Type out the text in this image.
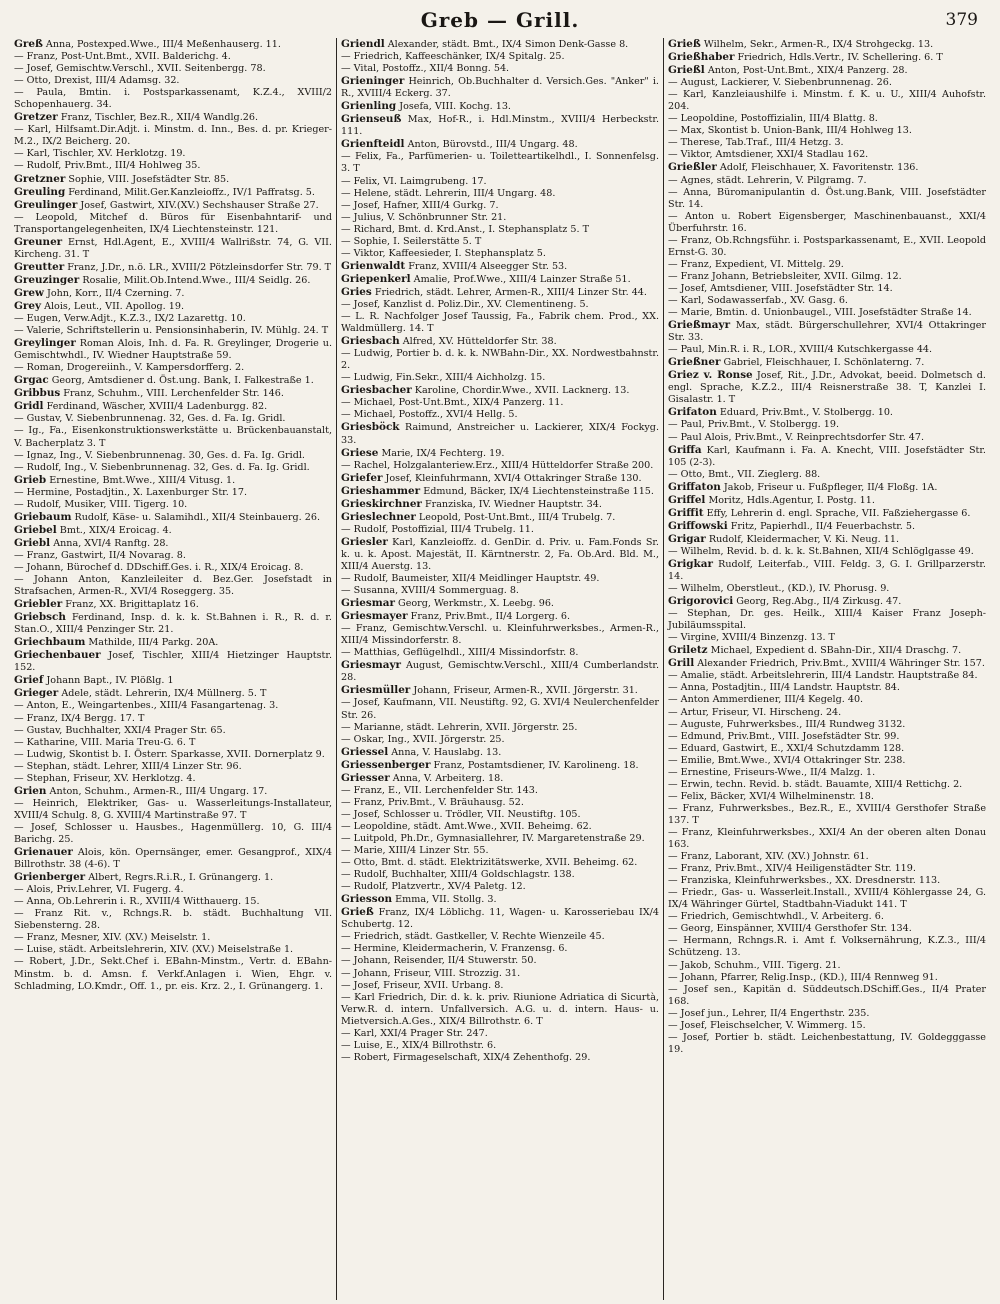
Greb — Grill.	379
Greß Anna, Postexped.Wwe., III/4 Meßenhauserg. 11.
— Franz, Post-Unt.Bmt., XVII. Balderichg. 4.
— Josef, Gemischtw.Verschl., XVII. Seitenbergg. 78.
— Otto, Drexist, III/4 Adamsg. 32.
— Paula, Bmtin. i. Postsparkassenamt, K.Z.4., XVIII/2 Schopenhauerg. 34.
Gretzer Franz, Tischler, Bez.R., XII/4 Wandlg.26.
— Karl, Hilfsamt.Dir.Adjt. i. Minstm. d. Inn., Bes. d. pr. Krieger-M.2., IX/2 Beicherg. 20.
— Karl, Tischler, XV. Herklotzg. 19.
— Rudolf, Priv.Bmt., III/4 Hohlweg 35.
Gretzner Sophie, VIII. Josefstädter Str. 85.
Greuling Ferdinand, Milit.Ger.Kanzleioffz., IV/1 Paffratsg. 5.
Greulinger Josef, Gastwirt, XIV.(XV.) Sechshauser Straße 27.
— Leopold, Mitchef d. Büros für Eisenbahntarif- und Transportangelegenheiten, IX/4 Liechtensteinstr. 121.
Greuner Ernst, Hdl.Agent, E., XVIII/4 Wallrißstr. 74, G. VII. Kircheng. 31. T
Greutter Franz, J.Dr., n.ö. LR., XVIII/2 Pötzleinsdorfer Str. 79. T
Greuzinger Rosalie, Milit.Ob.Intend.Wwe., III/4 Seidlg. 26.
Grew John, Korr., II/4 Czerning. 7.
Grey Alois, Leut., VII. Apollog. 19.
— Eugen, Verw.Adjt., K.Z.3., IX/2 Lazarettg. 10.
— Valerie, Schriftstellerin u. Pensionsinhaberin, IV. Mühlg. 24. T
Greylinger Roman Alois, Inh. d. Fa. R. Greylinger, Drogerie u. Gemischtwhdl., IV. Wiedner Hauptstraße 59.
— Roman, Drogereiinh., V. Kampersdorfferg. 2.
Grgac Georg, Amtsdiener d. Öst.ung. Bank, I. Falkestraße 1.
Gribbus Franz, Schuhm., VIII. Lerchenfelder Str. 146.
Gridl Ferdinand, Wäscher, XVIII/4 Ladenburgg. 82.
— Gustav, V. Siebenbrunnenag. 32, Ges. d. Fa. Ig. Gridl.
— Ig., Fa., Eisenkonstruktionswerkstätte u. Brückenbauanstalt, V. Bacherplatz 3. T
— Ignaz, Ing., V. Siebenbrunnenag. 30, Ges. d. Fa. Ig. Gridl.
— Rudolf, Ing., V. Siebenbrunnenag. 32, Ges. d. Fa. Ig. Gridl.
Grieb Ernestine, Bmt.Wwe., XIII/4 Vitusg. 1.
— Hermine, Postadjtin., X. Laxenburger Str. 17.
— Rudolf, Musiker, VIII. Tigerg. 10.
Griebaum Rudolf, Käse- u. Salamihdl., XII/4 Steinbauerg. 26.
Griebel Bmt., XIX/4 Eroicag. 4.
Griebl Anna, XVI/4 Ranftg. 28.
— Franz, Gastwirt, II/4 Novarag. 8.
— Johann, Bürochef d. DDschiff.Ges. i. R., XIX/4 Eroicag. 8.
— Johann Anton, Kanzleileiter d. Bez.Ger. Josefstadt in Strafsachen, Armen-R., XVI/4 Roseggerg. 35.
Griebler Franz, XX. Brigittaplatz 16.
Griebsch Ferdinand, Insp. d. k. k. St.Bahnen i. R., R. d. r. Stan.O., XIII/4 Penzinger Str. 21.
Griechbaum Mathilde, III/4 Parkg. 20A.
Griechenbauer Josef, Tischler, XIII/4 Hietzinger Hauptstr. 152.
Grief Johann Bapt., IV. Plößlg. 1
Grieger Adele, städt. Lehrerin, IX/4 Müllnerg. 5. T
— Anton, E., Weingartenbes., XIII/4 Fasangartenag. 3.
— Franz, IX/4 Bergg. 17. T
— Gustav, Buchhalter, XXI/4 Prager Str. 65.
— Katharine, VIII. Maria Treu-G. 6. T
— Ludwig, Skontist b. I. Österr. Sparkasse, XVII. Dornerplatz 9.
— Stephan, städt. Lehrer, XIII/4 Linzer Str. 96.
— Stephan, Friseur, XV. Herklotzg. 4.
Grien Anton, Schuhm., Armen-R., III/4 Ungarg. 17.
— Heinrich, Elektriker, Gas- u. Wasserleitungs-Installateur, XVIII/4 Schulg. 8, G. XVIII/4 Martinstraße 97. T
— Josef, Schlosser u. Hausbes., Hagenmüllerg. 10, G. III/4 Barichg. 25.
Grienauer Alois, kön. Opernsänger, emer. Gesangprof., XIX/4 Billrothstr. 38 (4-6). T
Grienberger Albert, Regrs.R.i.R., I. Grünangerg. 1.
— Alois, Priv.Lehrer, VI. Fugerg. 4.
— Anna, Ob.Lehrerin i. R., XVIII/4 Witthauerg. 15.
— Franz Rit. v., Rchngs.R. b. städt. Buchhaltung VII. Siebensterng. 28.
— Franz, Mesner, XIV. (XV.) Meiselstr. 1.
— Luise, städt. Arbeitslehrerin, XIV. (XV.) Meiselstraße 1.
— Robert, J.Dr., Sekt.Chef i. EBahn-Minstm., Vertr. d. EBahn-Minstm. b. d. Amsn. f. Verkf.Anlagen i. Wien, Ehgr. v. Schladming, LO.Kmdr., Off. 1., pr. eis. Krz. 2., I. Grünangerg. 1.
Griendl Alexander, städt. Bmt., IX/4 Simon Denk-Gasse 8.
— Friedrich, Kaffeeschänker, IX/4 Spitalg. 25.
— Vital, Postoffz., XII/4 Bonng. 54.
Grieninger Heinrich, Ob.Buchhalter d. Versich.Ges. "Anker" i. R., XVIII/4 Eckerg. 37.
Grienling Josefa, VIII. Kochg. 13.
Grienseuß Max, Hof-R., i. Hdl.Minstm., XVIII/4 Herbeckstr. 111.
Grienfteidl Anton, Bürovstd., III/4 Ungarg. 48.
— Felix, Fa., Parfümerien- u. Toiletteartikelhdl., I. Sonnenfelsg. 3. T
— Felix, VI. Laimgrubeng. 17.
— Helene, städt. Lehrerin, III/4 Ungarg. 48.
— Josef, Hafner, XIII/4 Gurkg. 7.
— Julius, V. Schönbrunner Str. 21.
— Richard, Bmt. d. Krd.Anst., I. Stephansplatz 5. T
— Sophie, I. Seilerstätte 5. T
— Viktor, Kaffeesieder, I. Stephansplatz 5.
Grienwaldt Franz, XVIII/4 Alseegger Str. 53.
Griepenkerl Amalie, Prof.Wwe., XIII/4 Lainzer Straße 51.
Gries Friedrich, städt. Lehrer, Armen-R., XIII/4 Linzer Str. 44.
— Josef, Kanzlist d. Poliz.Dir., XV. Clementineng. 5.
— L. R. Nachfolger Josef Taussig, Fa., Fabrik chem. Prod., XX. Waldmüllerg. 14. T
Griesbach Alfred, XV. Hütteldorfer Str. 38.
— Ludwig, Portier b. d. k. k. NWBahn-Dir., XX. Nordwestbahnstr. 2.
— Ludwig, Fin.Sekr., XIII/4 Aichholzg. 15.
Griesbacher Karoline, Chordir.Wwe., XVII. Lacknerg. 13.
— Michael, Post-Unt.Bmt., XIX/4 Panzerg. 11.
— Michael, Postoffz., XVI/4 Hellg. 5.
Griesböck Raimund, Anstreicher u. Lackierer, XIX/4 Fockyg. 33.
Griese Marie, IX/4 Fechterg. 19.
— Rachel, Holzgalanteriew.Erz., XIII/4 Hütteldorfer Straße 200.
Griefer Josef, Kleinfuhrmann, XVI/4 Ottakringer Straße 130.
Grieshammer Edmund, Bäcker, IX/4 Liechtensteinstraße 115.
Grieskirchner Franziska, IV. Wiedner Hauptstr. 34.
Grieslechner Leopold, Post-Unt.Bmt., III/4 Trubelg. 7.
— Rudolf, Postoffizial, III/4 Trubelg. 11.
Griesler Karl, Kanzleioffz. d. GenDir. d. Priv. u. Fam.Fonds Sr. k. u. k. Apost. Majestät, II. Kärntnerstr. 2, Fa. Ob.Ard. Bld. M., XIII/4 Auerstg. 13.
— Rudolf, Baumeister, XII/4 Meidlinger Hauptstr. 49.
— Susanna, XVIII/4 Sommerguag. 8.
Griesmar Georg, Werkmstr., X. Leebg. 96.
Griesmayer Franz, Priv.Bmt., II/4 Lorgerg. 6.
— Franz, Gemischtw.Verschl. u. Kleinfuhrwerksbes., Armen-R., XIII/4 Missindorferstr. 8.
— Matthias, Geflügelhdl., XIII/4 Missindorfstr. 8.
Griesmayr August, Gemischtw.Verschl., XIII/4 Cumberlandstr. 28.
Griesmüller Johann, Friseur, Armen-R., XVII. Jörgerstr. 31.
— Josef, Kaufmann, VII. Neustiftg. 92, G. XVI/4 Neulerchenfelder Str. 26.
— Marianne, städt. Lehrerin, XVII. Jörgerstr. 25.
— Oskar, Ing., XVII. Jörgerstr. 25.
Griessel Anna, V. Hauslabg. 13.
Griessenberger Franz, Postamtsdiener, IV. Karolineng. 18.
Griesser Anna, V. Arbeiterg. 18.
— Franz, E., VII. Lerchenfelder Str. 143.
— Franz, Priv.Bmt., V. Bräuhausg. 52.
— Josef, Schlosser u. Trödler, VII. Neustiftg. 105.
— Leopoldine, städt. Amt.Wwe., XVII. Beheimg. 62.
— Luitpold, Ph.Dr., Gymnasiallehrer, IV. Margaretenstraße 29.
— Marie, XIII/4 Linzer Str. 55.
— Otto, Bmt. d. städt. Elektrizitätswerke, XVII. Beheimg. 62.
— Rudolf, Buchhalter, XIII/4 Goldschlagstr. 138.
— Rudolf, Platzvertr., XV/4 Paletg. 12.
Griesson Emma, VII. Stollg. 3.
Grieß Franz, IX/4 Löblichg. 11, Wagen- u. Karosseriebau IX/4 Schubertg. 12.
— Friedrich, städt. Gastkeller, V. Rechte Wienzeile 45.
— Hermine, Kleidermacherin, V. Franzensg. 6.
— Johann, Reisender, II/4 Stuwerstr. 50.
— Johann, Friseur, VIII. Strozzig. 31.
— Josef, Friseur, XVII. Urbang. 8.
— Karl Friedrich, Dir. d. k. k. priv. Riunione Adriatica di Sicurtà, Verw.R. d. intern. Unfallversich. A.G. u. d. intern. Haus- u. Mietversich.A.Ges., XIX/4 Billrothstr. 6. T
— Karl, XXI/4 Prager Str. 247.
— Luise, E., XIX/4 Billrothstr. 6.
— Robert, Firmageselschaft, XIX/4 Zehenthofg. 29.
Grieß Wilhelm, Sekr., Armen-R., IX/4 Strohgeckg. 13.
Grießhaber Friedrich, Hdls.Vertr., IV. Schellering. 6. T
Grießl Anton, Post-Unt.Bmt., XIX/4 Panzerg. 28.
— August, Lackierer, V. Siebenbrunnenag. 26.
— Karl, Kanzleiaushilfe i. Minstm. f. K. u. U., XIII/4 Auhofstr. 204.
— Leopoldine, Postoffizialin, III/4 Blattg. 8.
— Max, Skontist b. Union-Bank, III/4 Hohlweg 13.
— Therese, Tab.Traf., III/4 Hetzg. 3.
— Viktor, Amtsdiener, XXI/4 Stadlau 162.
Grießler Adolf, Fleischhauer, X. Favoritenstr. 136.
— Agnes, städt. Lehrerin, V. Pilgramg. 7.
— Anna, Büromanipulantin d. Öst.ung.Bank, VIII. Josefstädter Str. 14.
— Anton u. Robert Eigensberger, Maschinenbauanst., XXI/4 Überfuhrstr. 16.
— Franz, Ob.Rchngsführ. i. Postsparkassenamt, E., XVII. Leopold Ernst-G. 30.
— Franz, Expedient, VI. Mittelg. 29.
— Franz Johann, Betriebsleiter, XVII. Gilmg. 12.
— Josef, Amtsdiener, VIII. Josefstädter Str. 14.
— Karl, Sodawasserfab., XV. Gasg. 6.
— Marie, Bmtin. d. Unionbaugel., VIII. Josefstädter Straße 14.
Grießmayr Max, städt. Bürgerschullehrer, XVI/4 Ottakringer Str. 33.
— Paul, Min.R. i. R., LOR., XVIII/4 Kutschkergasse 44.
Grießner Gabriel, Fleischhauer, I. Schönlaterng. 7.
Griez v. Ronse Josef, Rit., J.Dr., Advokat, beeid. Dolmetsch d. engl. Sprache, K.Z.2., III/4 Reisnerstraße 38. T, Kanzlei I. Gisalastr. 1. T
Grifaton Eduard, Priv.Bmt., V. Stolbergg. 10.
— Paul, Priv.Bmt., V. Stolbergg. 19.
— Paul Alois, Priv.Bmt., V. Reinprechtsdorfer Str. 47.
Griffa Karl, Kaufmann i. Fa. A. Knecht, VIII. Josefstädter Str. 105 (2-3).
— Otto, Bmt., VII. Zieglerg. 88.
Griffaton Jakob, Friseur u. Fußpfleger, II/4 Floßg. 1A.
Griffel Moritz, Hdls.Agentur, I. Postg. 11.
Griffit Effy, Lehrerin d. engl. Sprache, VII. Faßziehergasse 6.
Griffowski Fritz, Papierhdl., II/4 Feuerbachstr. 5.
Grigar Rudolf, Kleidermacher, V. Ki. Neug. 11.
— Wilhelm, Revid. b. d. k. k. St.Bahnen, XII/4 Schlöglgasse 49.
Grigkar Rudolf, Leiterfab., VIII. Feldg. 3, G. I. Grillparzerstr. 14.
— Wilhelm, Oberstleut., (KD.), IV. Phorusg. 9.
Grigorovici Georg, Reg.Abg., II/4 Zirkusg. 47.
— Stephan, Dr. ges. Heilk., XIII/4 Kaiser Franz Joseph-Jubiläumsspital.
— Virgine, XVIII/4 Binzenzg. 13. T
Griletz Michael, Expedient d. SBahn-Dir., XII/4 Draschg. 7.
Grill Alexander Friedrich, Priv.Bmt., XVIII/4 Währinger Str. 157.
— Amalie, städt. Arbeitslehrerin, III/4 Landstr. Hauptstraße 84.
— Anna, Postadjtin., III/4 Landstr. Hauptstr. 84.
— Anton Ammerdiener, III/4 Kegelg. 40.
— Artur, Friseur, VI. Hirscheng. 24.
— Auguste, Fuhrwerksbes., III/4 Rundweg 3132.
— Edmund, Priv.Bmt., VIII. Josefstädter Str. 99.
— Eduard, Gastwirt, E., XXI/4 Schutzdamm 128.
— Emilie, Bmt.Wwe., XVI/4 Ottakringer Str. 238.
— Ernestine, Friseurs-Wwe., II/4 Malzg. 1.
— Erwin, techn. Revid. b. städt. Bauamte, XIII/4 Rettichg. 2.
— Felix, Bäcker, XVI/4 Wilhelminenstr. 18.
— Franz, Fuhrwerksbes., Bez.R., E., XVIII/4 Gersthofer Straße 137. T
— Franz, Kleinfuhrwerksbes., XXI/4 An der oberen alten Donau 163.
— Franz, Laborant, XIV. (XV.) Johnstr. 61.
— Franz, Priv.Bmt., XIV/4 Heiligenstädter Str. 119.
— Franziska, Kleinfuhrwerksbes., XX. Dresdnerstr. 113.
— Friedr., Gas- u. Wasserleit.Install., XVIII/4 Köhlergasse 24, G. IX/4 Währinger Gürtel, Stadtbahn-Viadukt 141. T
— Friedrich, Gemischtwhdl., V. Arbeiterg. 6.
— Georg, Einspänner, XVIII/4 Gersthofer Str. 134.
— Hermann, Rchngs.R. i. Amt f. Volksernährung, K.Z.3., III/4 Schützeng. 13.
— Jakob, Schuhm., VIII. Tigerg. 21.
— Johann, Pfarrer, Relig.Insp., (KD.), III/4 Rennweg 91.
— Josef sen., Kapitän d. Süddeutsch.DSchiff.Ges., II/4 Prater 168.
— Josef jun., Lehrer, II/4 Engerthstr. 235.
— Josef, Fleischselcher, V. Wimmerg. 15.
— Josef, Portier b. städt. Leichenbestattung, IV. Goldegggasse 19.
